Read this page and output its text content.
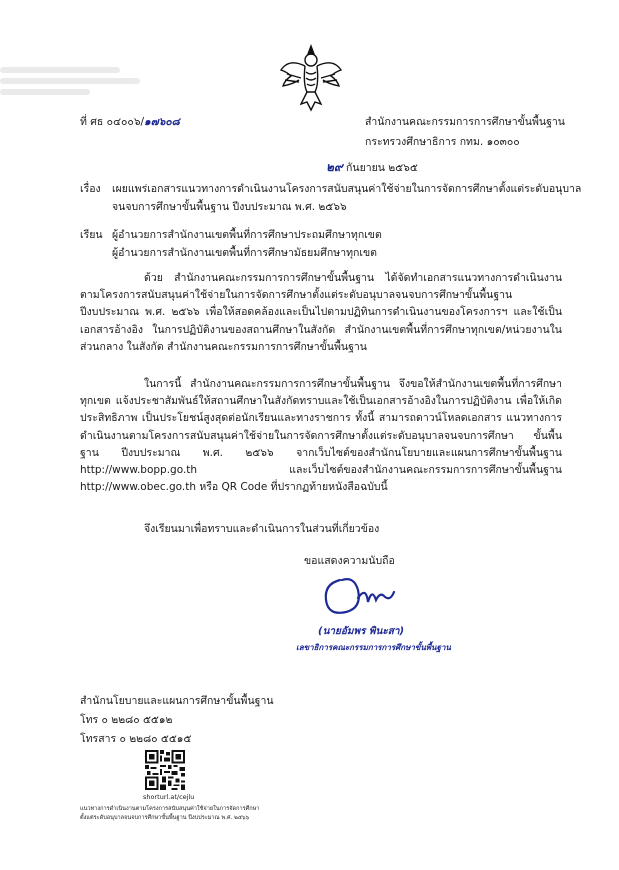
ที่ ศธ ๐๔๐๐๖/๑๗๖๐๘	สำนักงานคณะกรรมการการศึกษาขั้นพื้นฐาน
กระทรวงศึกษาธิการ กทม. ๑๐๓๐๐
๒๙ กันยายน ๒๕๖๕
เรื่อง เผยแพร่เอกสารแนวทางการดำเนินงานโครงการสนับสนุนค่าใช้จ่ายในการจัดการศึกษาตั้งแต่ระดับอนุบาล
จนจบการศึกษาขั้นพื้นฐาน ปีงบประมาณ พ.ศ. ๒๕๖๖
เรียน ผู้อำนวยการสำนักงานเขตพื้นที่การศึกษาประถมศึกษาทุกเขต
ผู้อำนวยการสำนักงานเขตพื้นที่การศึกษามัธยมศึกษาทุกเขต

ด้วย สำนักงานคณะกรรมการการศึกษาขั้นพื้นฐาน ได้จัดทำเอกสารแนวทางการดำเนินงาน ตามโครงการสนับสนุนค่าใช้จ่ายในการจัดการศึกษาตั้งแต่ระดับอนุบาลจนจบการศึกษาขั้นพื้นฐาน ปีงบประมาณ พ.ศ. ๒๕๖๖ เพื่อให้สอดคล้องและเป็นไปตามปฏิทินการดำเนินงานของโครงการฯ และใช้เป็นเอกสารอ้างอิง ในการปฏิบัติงานของสถานศึกษาในสังกัด สำนักงานเขตพื้นที่การศึกษาทุกเขต/หน่วยงานในส่วนกลาง ในสังกัด สำนักงานคณะกรรมการการศึกษาขั้นพื้นฐาน

ในการนี้ สำนักงานคณะกรรมการการศึกษาขั้นพื้นฐาน จึงขอให้สำนักงานเขตพื้นที่การศึกษา ทุกเขต แจ้งประชาสัมพันธ์ให้สถานศึกษาในสังกัดทราบและใช้เป็นเอกสารอ้างอิงในการปฏิบัติงาน เพื่อให้เกิดประสิทธิภาพ เป็นประโยชน์สูงสุดต่อนักเรียนและทางราชการ ทั้งนี้ สามารถดาวน์โหลดเอกสาร แนวทางการดำเนินงานตามโครงการสนับสนุนค่าใช้จ่ายในการจัดการศึกษาตั้งแต่ระดับอนุบาลจนจบการศึกษา ขั้นพื้นฐาน ปีงบประมาณ พ.ศ. ๒๕๖๖ จากเว็บไซต์ของสำนักนโยบายและแผนการศึกษาขั้นพื้นฐาน http://www.bopp.go.th และเว็บไซต์ของสำนักงานคณะกรรมการการศึกษาขั้นพื้นฐาน http://www.obec.go.th หรือ QR Code ที่ปรากฏท้ายหนังสือฉบับนี้

จึงเรียนมาเพื่อทราบและดำเนินการในส่วนที่เกี่ยวข้อง
ขอแสดงความนับถือ
(นายอัมพร พินะสา)
เลขาธิการคณะกรรมการการศึกษาขั้นพื้นฐาน
สำนักนโยบายและแผนการศึกษาขั้นพื้นฐาน
โทร ๐ ๒๒๘๐ ๕๕๑๒
โทรสาร ๐ ๒๒๘๐ ๕๕๑๕
shorturl.at/cejlu
แนวทางการดำเนินงานตามโครงการสนับสนุนค่าใช้จ่ายในการจัดการศึกษา
ตั้งแต่ระดับอนุบาลจนจบการศึกษาขั้นพื้นฐาน ปีงบประมาณ พ.ศ. ๒๕๖๖
